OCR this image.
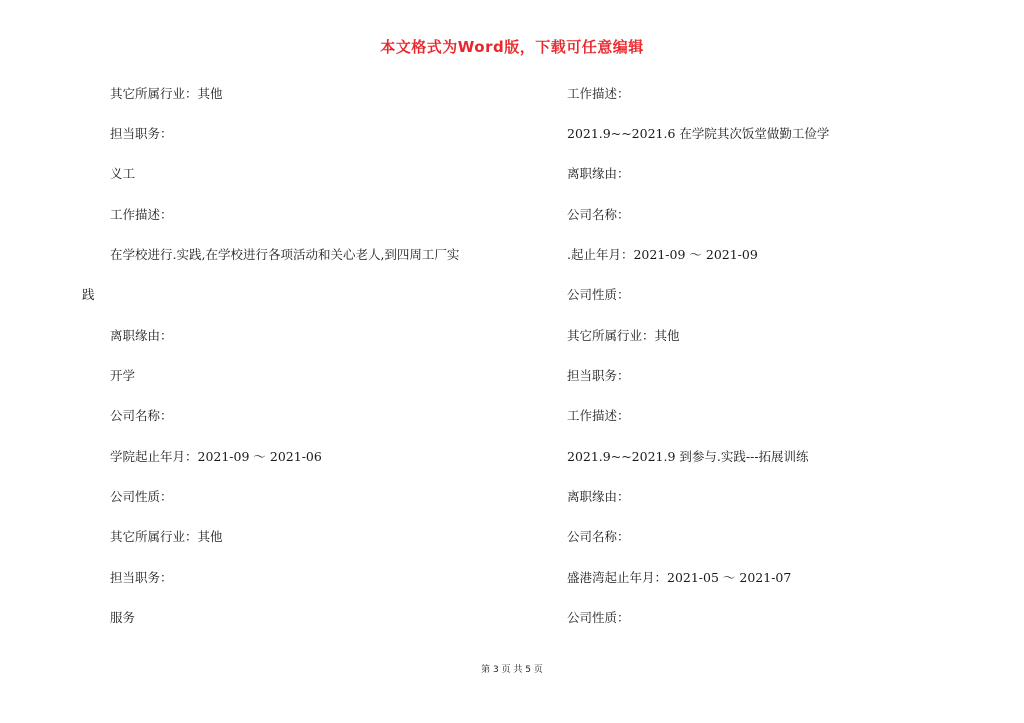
本文格式为Word版，下载可任意编辑
其它所属行业：其他
担当职务：
义工
工作描述：
在学校进行.实践,在学校进行各项活动和关心老人,到四周工厂实
践
离职缘由：
开学
公司名称：
学院起止年月：2021-09 ～ 2021-06
公司性质：
其它所属行业：其他
担当职务：
服务
工作描述：
2021.9~~2021.6 在学院其次饭堂做勤工俭学
离职缘由：
公司名称：
.起止年月：2021-09 ～ 2021-09
公司性质：
其它所属行业：其他
担当职务：
工作描述：
2021.9~~2021.9 到参与.实践---拓展训练
离职缘由：
公司名称：
盛港湾起止年月：2021-05 ～ 2021-07
公司性质：
第 3 页 共 5 页
